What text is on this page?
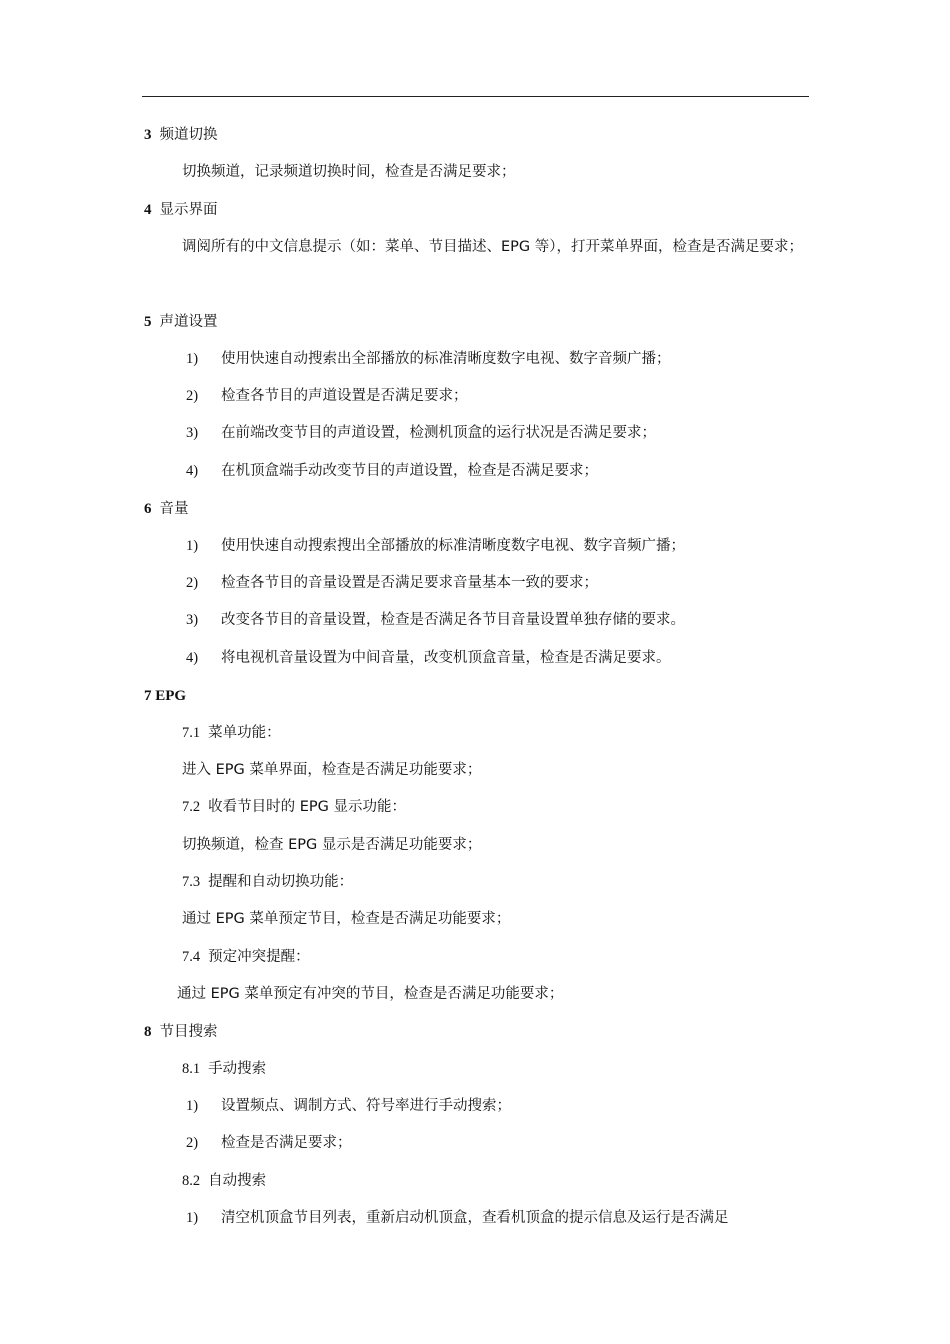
3 频道切换
切换频道，记录频道切换时间，检查是否满足要求；
4 显示界面
调阅所有的中文信息提示（如：菜单、节目描述、EPG 等），打开菜单界面，检查是否满足要求；
5 声道设置
1) 使用快速自动搜索出全部播放的标准清晰度数字电视、数字音频广播；
2) 检查各节目的声道设置是否满足要求；
3) 在前端改变节目的声道设置，检测机顶盒的运行状况是否满足要求；
4) 在机顶盒端手动改变节目的声道设置，检查是否满足要求；
6 音量
1) 使用快速自动搜索搜出全部播放的标准清晰度数字电视、数字音频广播；
2) 检查各节目的音量设置是否满足要求音量基本一致的要求；
3) 改变各节目的音量设置，检查是否满足各节目音量设置单独存储的要求。
4) 将电视机音量设置为中间音量，改变机顶盒音量，检查是否满足要求。
7 EPG
7.1 菜单功能：
进入 EPG 菜单界面，检查是否满足功能要求；
7.2 收看节目时的 EPG 显示功能：
切换频道，检查 EPG 显示是否满足功能要求；
7.3 提醒和自动切换功能：
通过 EPG 菜单预定节目，检查是否满足功能要求；
7.4 预定冲突提醒：
通过 EPG 菜单预定有冲突的节目，检查是否满足功能要求；
8 节目搜索
8.1 手动搜索
1) 设置频点、调制方式、符号率进行手动搜索；
2) 检查是否满足要求；
8.2 自动搜索
1) 清空机顶盒节目列表，重新启动机顶盒，查看机顶盒的提示信息及运行是否满足
